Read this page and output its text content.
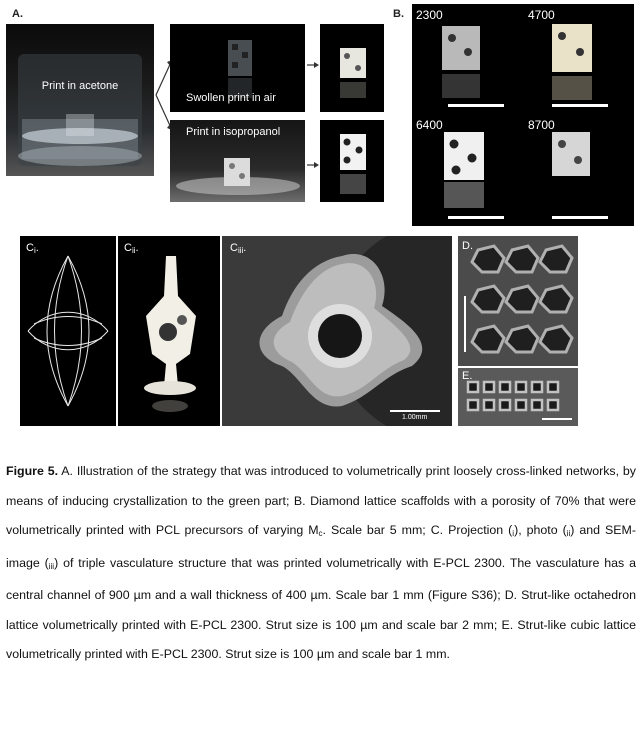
A.
Print in acetone
Swollen print in air
Print in isopropanol
B. 2300	4700
6400	8700
$C_i$.	$C_{ii}$.	$C_{iii}$.
1.00mm
D.
E.
Figure 5. A. Illustration of the strategy that was introduced to volumetrically print loosely cross-linked networks, by means of inducing crystallization to the green part; B. Diamond lattice scaffolds with a porosity of 70% that were volumetrically printed with PCL precursors of varying $M_c$. Scale bar 5 mm; C. Projection $(_i)$, photo $(_{ii})$ and SEM-image $(_{iii})$ of triple vasculature structure that was printed volumetrically with E-PCL 2300. The vasculature has a central channel of 900 µm and a wall thickness of 400 µm. Scale bar 1 mm (Figure S36); D. Strut-like octahedron lattice volumetrically printed with E-PCL 2300. Strut size is 100 µm and scale bar 2 mm; E. Strut-like cubic lattice volumetrically printed with E-PCL 2300. Strut size is 100 µm and scale bar 1 mm.
